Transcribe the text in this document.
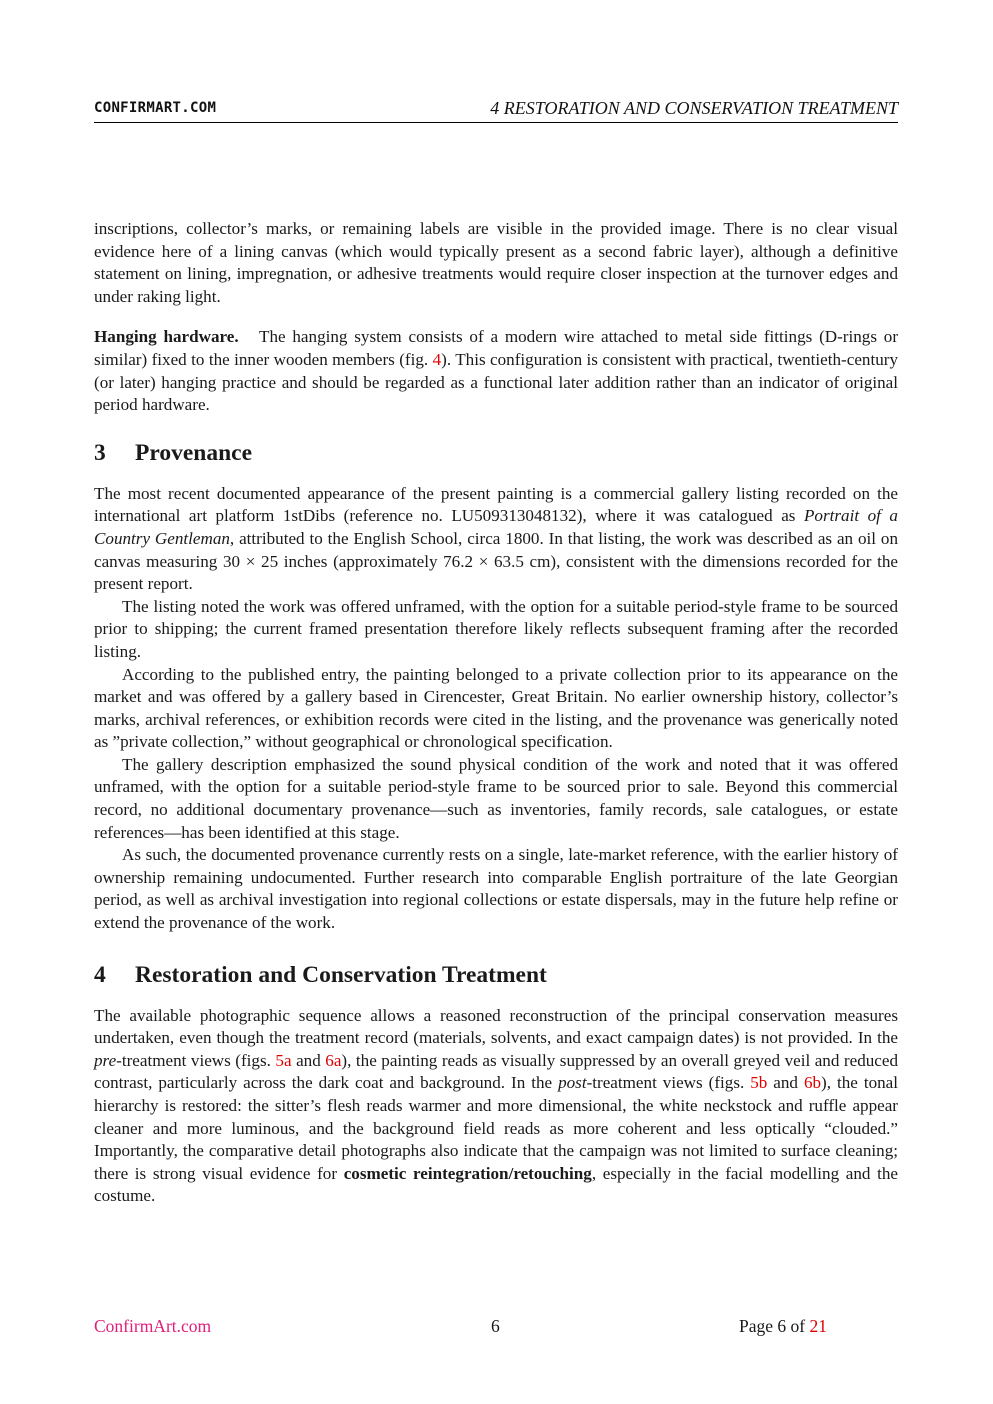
CONFIRMART.COM	4 RESTORATION AND CONSERVATION TREATMENT

inscriptions, collector’s marks, or remaining labels are visible in the provided image. There is no clear visual evidence here of a lining canvas (which would typically present as a second fabric layer), although a definitive statement on lining, impregnation, or adhesive treatments would require closer inspection at the turnover edges and under raking light.

Hanging hardware. The hanging system consists of a modern wire attached to metal side fittings (D-rings or similar) fixed to the inner wooden members (fig. 4). This configuration is consistent with practical, twentieth-century (or later) hanging practice and should be regarded as a functional later addition rather than an indicator of original period hardware.

3 Provenance

The most recent documented appearance of the present painting is a commercial gallery listing recorded on the international art platform 1stDibs (reference no. LU509313048132), where it was catalogued as Portrait of a Country Gentleman, attributed to the English School, circa 1800. In that listing, the work was described as an oil on canvas measuring 30 × 25 inches (approximately 76.2 × 63.5 cm), consistent with the dimensions recorded for the present report.

The listing noted the work was offered unframed, with the option for a suitable period-style frame to be sourced prior to shipping; the current framed presentation therefore likely reflects subsequent framing after the recorded listing.

According to the published entry, the painting belonged to a private collection prior to its appearance on the market and was offered by a gallery based in Cirencester, Great Britain. No earlier ownership history, collector’s marks, archival references, or exhibition records were cited in the listing, and the provenance was generically noted as ”private collection,” without geographical or chronological specification.

The gallery description emphasized the sound physical condition of the work and noted that it was offered unframed, with the option for a suitable period-style frame to be sourced prior to sale. Beyond this commercial record, no additional documentary provenance—such as inventories, family records, sale catalogues, or estate references—has been identified at this stage.

As such, the documented provenance currently rests on a single, late-market reference, with the earlier history of ownership remaining undocumented. Further research into comparable English portraiture of the late Georgian period, as well as archival investigation into regional collections or estate dispersals, may in the future help refine or extend the provenance of the work.

4 Restoration and Conservation Treatment

The available photographic sequence allows a reasoned reconstruction of the principal conservation measures undertaken, even though the treatment record (materials, solvents, and exact campaign dates) is not provided. In the pre-treatment views (figs. 5a and 6a), the painting reads as visually suppressed by an overall greyed veil and reduced contrast, particularly across the dark coat and background. In the post-treatment views (figs. 5b and 6b), the tonal hierarchy is restored: the sitter’s flesh reads warmer and more dimensional, the white neckstock and ruffle appear cleaner and more luminous, and the background field reads as more coherent and less optically “clouded.” Importantly, the comparative detail photographs also indicate that the campaign was not limited to surface cleaning; there is strong visual evidence for cosmetic reintegration/retouching, especially in the facial modelling and the costume.

ConfirmArt.com	6	Page 6 of 21
